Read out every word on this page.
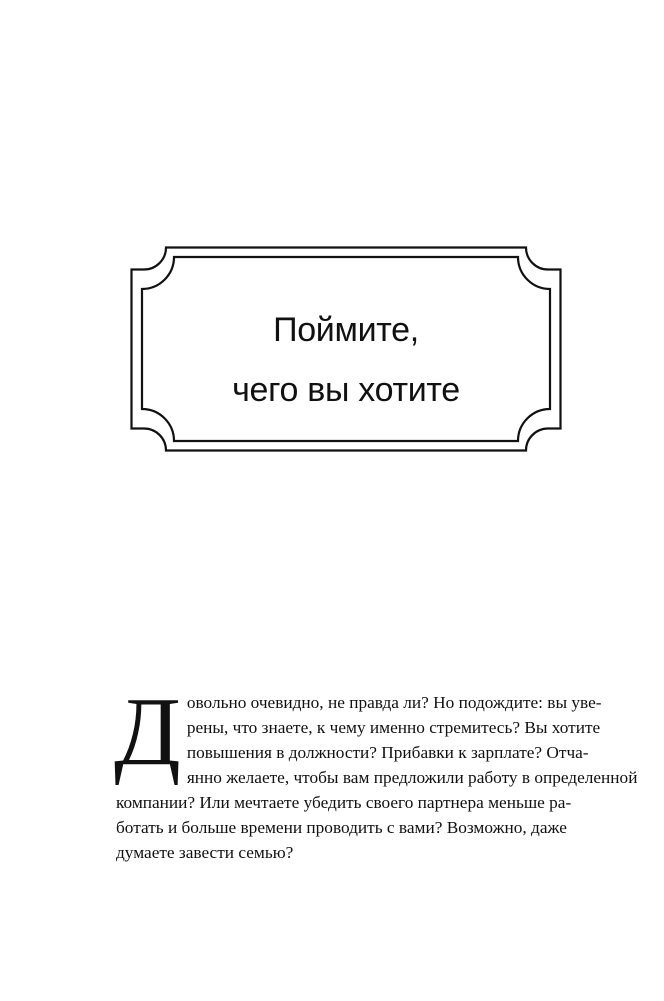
Поймите,
чего вы хотите
Д овольно очевидно, не правда ли? Но подождите: вы уве-
рены, что знаете, к чему именно стремитесь? Вы хотите
повышения в должности? Прибавки к зарплате? Отча-
янно желаете, чтобы вам предложили работу в определенной
компании? Или мечтаете убедить своего партнера меньше ра-
ботать и больше времени проводить с вами? Возможно, даже
думаете завести семью?
